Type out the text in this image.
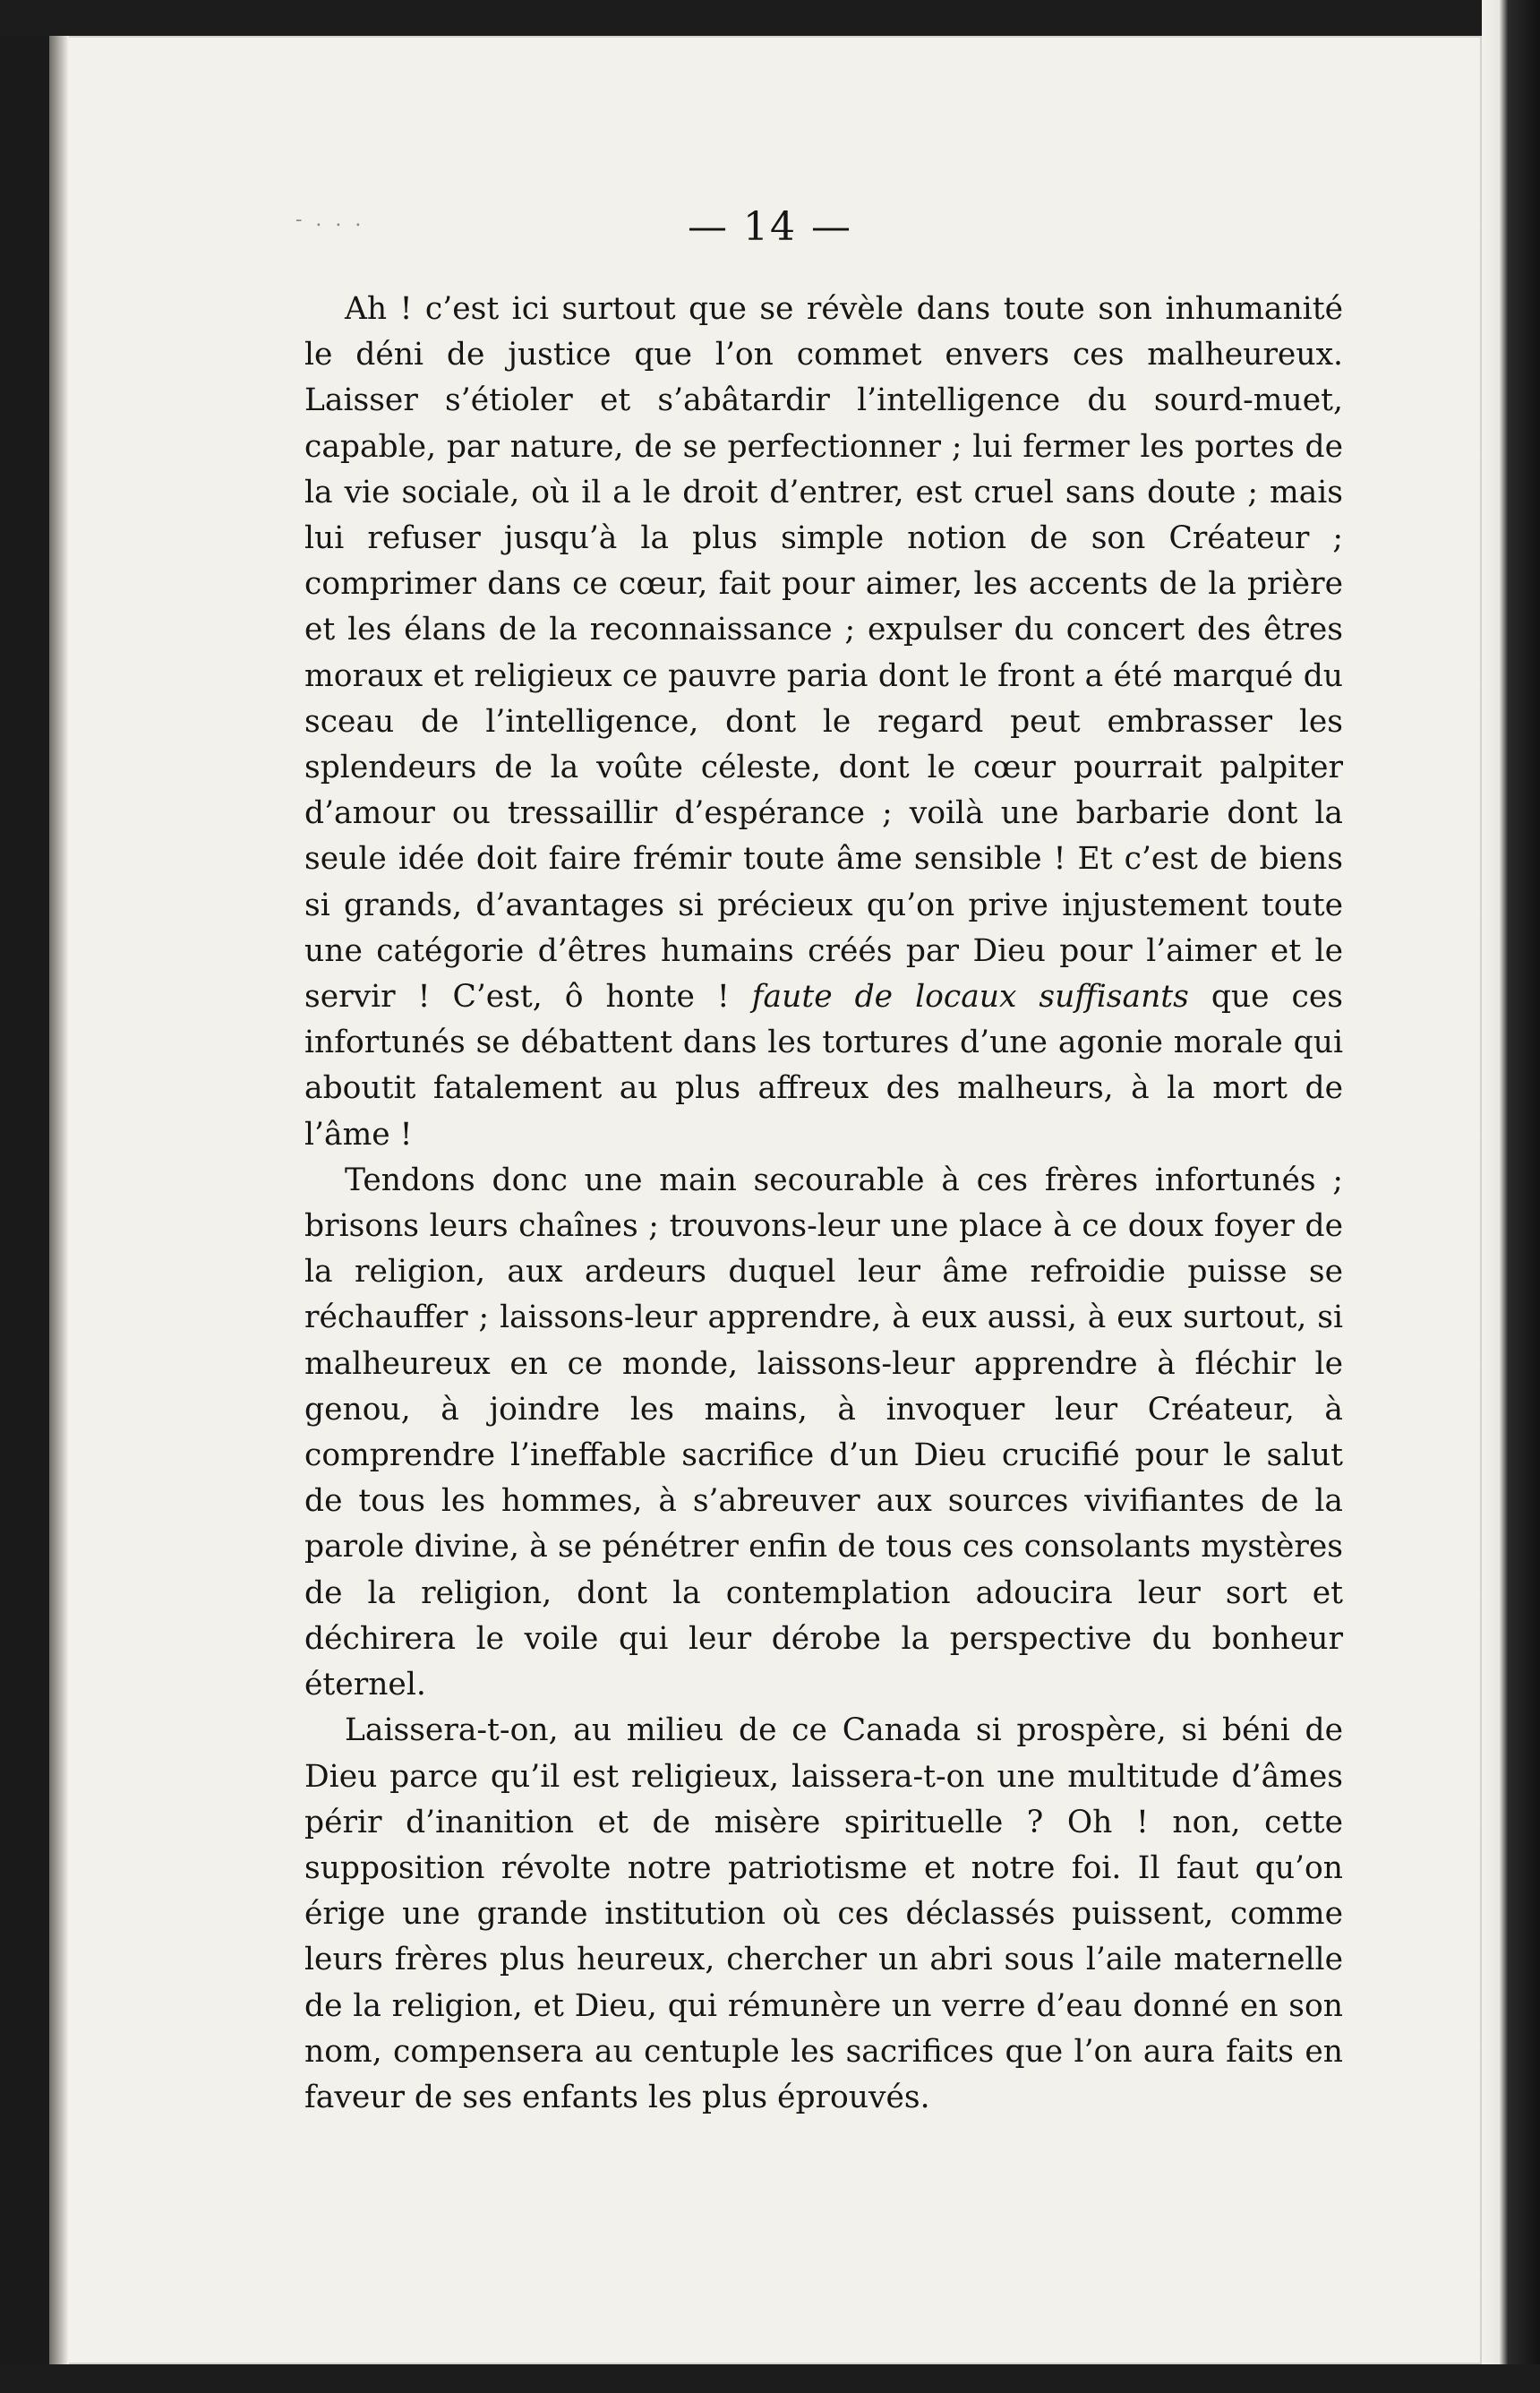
- . . .	— 14 —

Ah ! c’est ici surtout que se révèle dans toute son inhumanité le déni de justice que l’on commet envers ces malheureux. Laisser s’étioler et s’abâtardir l’intelligence du sourd-muet, capable, par nature, de se perfectionner ; lui fermer les portes de la vie sociale, où il a le droit d’entrer, est cruel sans doute ; mais lui refuser jusqu’à la plus simple notion de son Créateur ; comprimer dans ce cœur, fait pour aimer, les accents de la prière et les élans de la reconnaissance ; expulser du concert des êtres moraux et religieux ce pauvre paria dont le front a été marqué du sceau de l’intelligence, dont le regard peut embrasser les splendeurs de la voûte céleste, dont le cœur pourrait palpiter d’amour ou tressaillir d’espérance ; voilà une barbarie dont la seule idée doit faire frémir toute âme sensible ! Et c’est de biens si grands, d’avantages si précieux qu’on prive injustement toute une catégorie d’êtres humains créés par Dieu pour l’aimer et le servir ! C’est, ô honte ! faute de locaux suffisants que ces infortunés se débattent dans les tortures d’une agonie morale qui aboutit fatalement au plus affreux des malheurs, à la mort de l’âme !

Tendons donc une main secourable à ces frères infortunés ; brisons leurs chaînes ; trouvons-leur une place à ce doux foyer de la religion, aux ardeurs duquel leur âme refroidie puisse se réchauffer ; laissons-leur apprendre, à eux aussi, à eux surtout, si malheureux en ce monde, laissons-leur apprendre à fléchir le genou, à joindre les mains, à invoquer leur Créateur, à comprendre l’ineffable sacrifice d’un Dieu crucifié pour le salut de tous les hommes, à s’abreuver aux sources vivifiantes de la parole divine, à se pénétrer enfin de tous ces consolants mystères de la religion, dont la contemplation adoucira leur sort et déchirera le voile qui leur dérobe la perspective du bonheur éternel.

Laissera-t-on, au milieu de ce Canada si prospère, si béni de Dieu parce qu’il est religieux, laissera-t-on une multitude d’âmes périr d’inanition et de misère spirituelle ? Oh ! non, cette supposition révolte notre patriotisme et notre foi. Il faut qu’on érige une grande institution où ces déclassés puissent, comme leurs frères plus heureux, chercher un abri sous l’aile maternelle de la religion, et Dieu, qui rémunère un verre d’eau donné en son nom, compensera au centuple les sacrifices que l’on aura faits en faveur de ses enfants les plus éprouvés.
